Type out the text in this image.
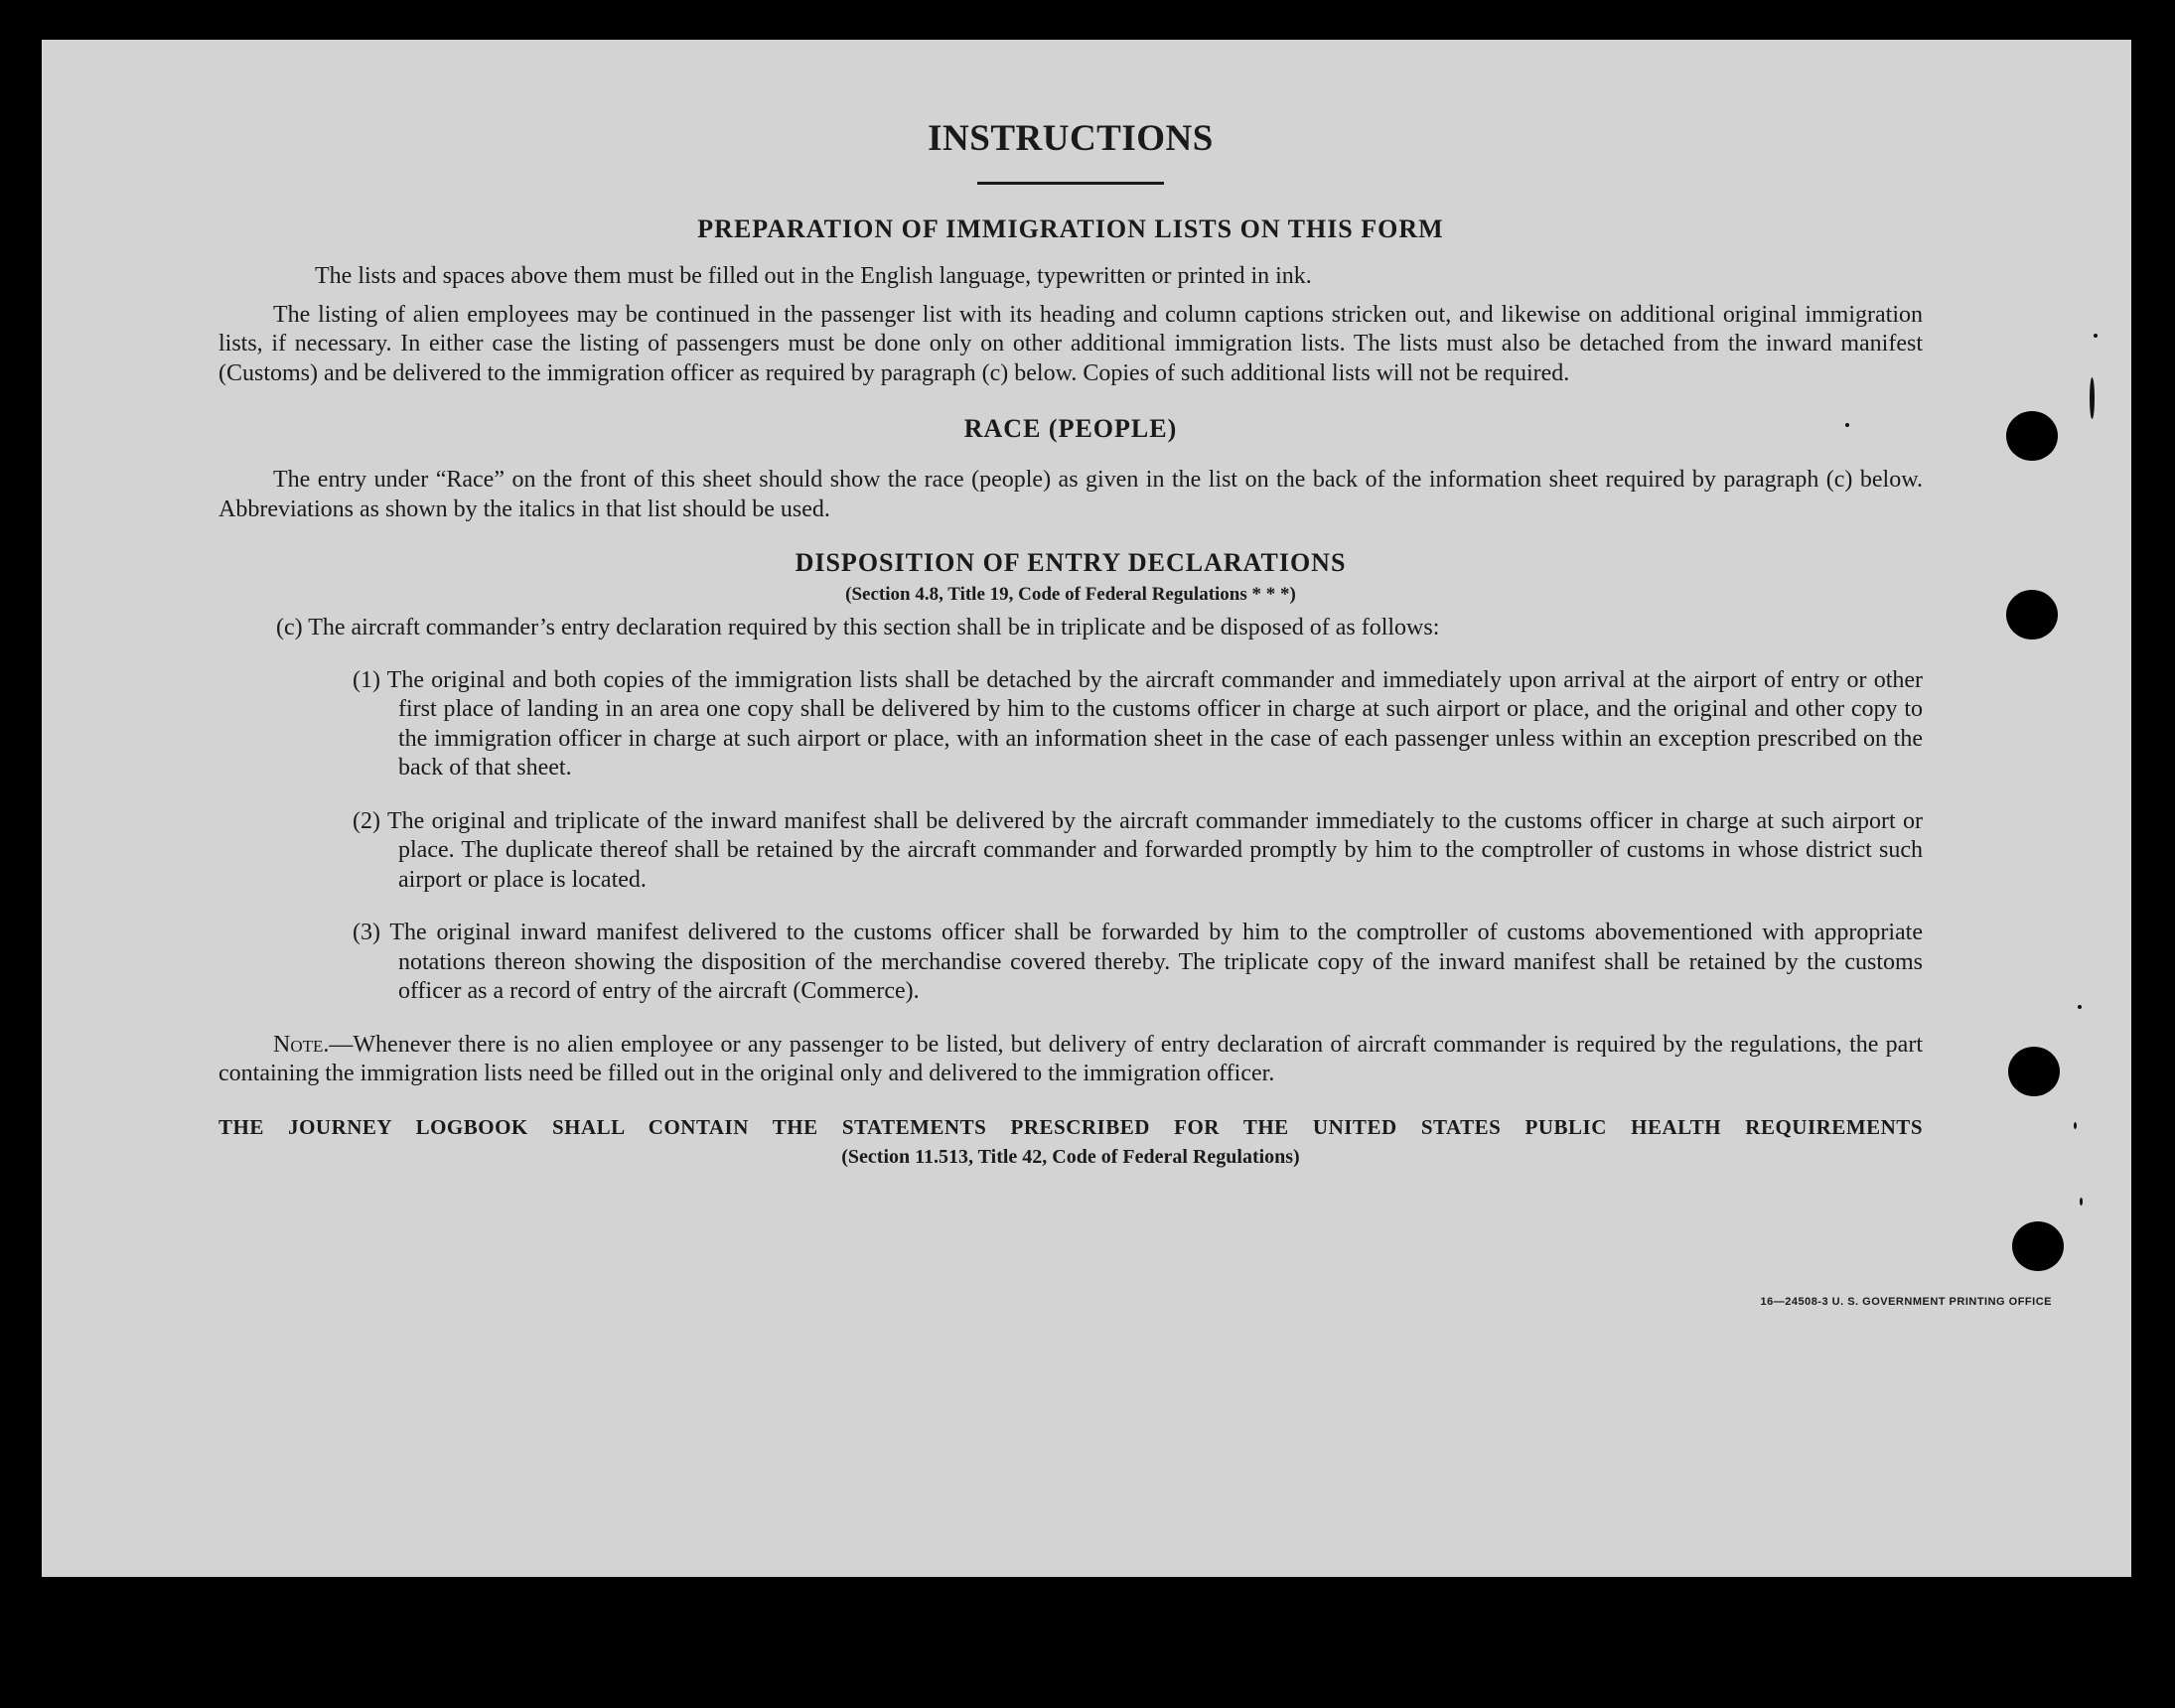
INSTRUCTIONS
PREPARATION OF IMMIGRATION LISTS ON THIS FORM

The lists and spaces above them must be filled out in the English language, typewritten or printed in ink.

The listing of alien employees may be continued in the passenger list with its heading and column captions stricken out, and likewise on additional original immigration lists, if necessary. In either case the listing of passengers must be done only on other additional immigration lists. The lists must also be detached from the inward manifest (Customs) and be delivered to the immigration officer as required by paragraph (c) below. Copies of such additional lists will not be required.

RACE (PEOPLE)

The entry under “Race” on the front of this sheet should show the race (people) as given in the list on the back of the information sheet required by paragraph (c) below. Abbreviations as shown by the italics in that list should be used.

DISPOSITION OF ENTRY DECLARATIONS
(Section 4.8, Title 19, Code of Federal Regulations * * *)

(c) The aircraft commander’s entry declaration required by this section shall be in triplicate and be disposed of as follows:

(1) The original and both copies of the immigration lists shall be detached by the aircraft commander and immediately upon arrival at the airport of entry or other first place of landing in an area one copy shall be delivered by him to the customs officer in charge at such airport or place, and the original and other copy to the immigration officer in charge at such airport or place, with an information sheet in the case of each passenger unless within an exception prescribed on the back of that sheet.

(2) The original and triplicate of the inward manifest shall be delivered by the aircraft commander immediately to the customs officer in charge at such airport or place. The duplicate thereof shall be retained by the aircraft commander and forwarded promptly by him to the comptroller of customs in whose district such airport or place is located.

(3) The original inward manifest delivered to the customs officer shall be forwarded by him to the comptroller of customs abovementioned with appropriate notations thereon showing the disposition of the merchandise covered thereby. The triplicate copy of the inward manifest shall be retained by the customs officer as a record of entry of the aircraft (Commerce).

Note.—Whenever there is no alien employee or any passenger to be listed, but delivery of entry declaration of aircraft commander is required by the regulations, the part containing the immigration lists need be filled out in the original only and delivered to the immigration officer.

THE JOURNEY LOGBOOK SHALL CONTAIN THE STATEMENTS PRESCRIBED FOR THE UNITED STATES PUBLIC HEALTH REQUIREMENTS

(Section 11.513, Title 42, Code of Federal Regulations)
16—24508-3 U. S. GOVERNMENT PRINTING OFFICE
